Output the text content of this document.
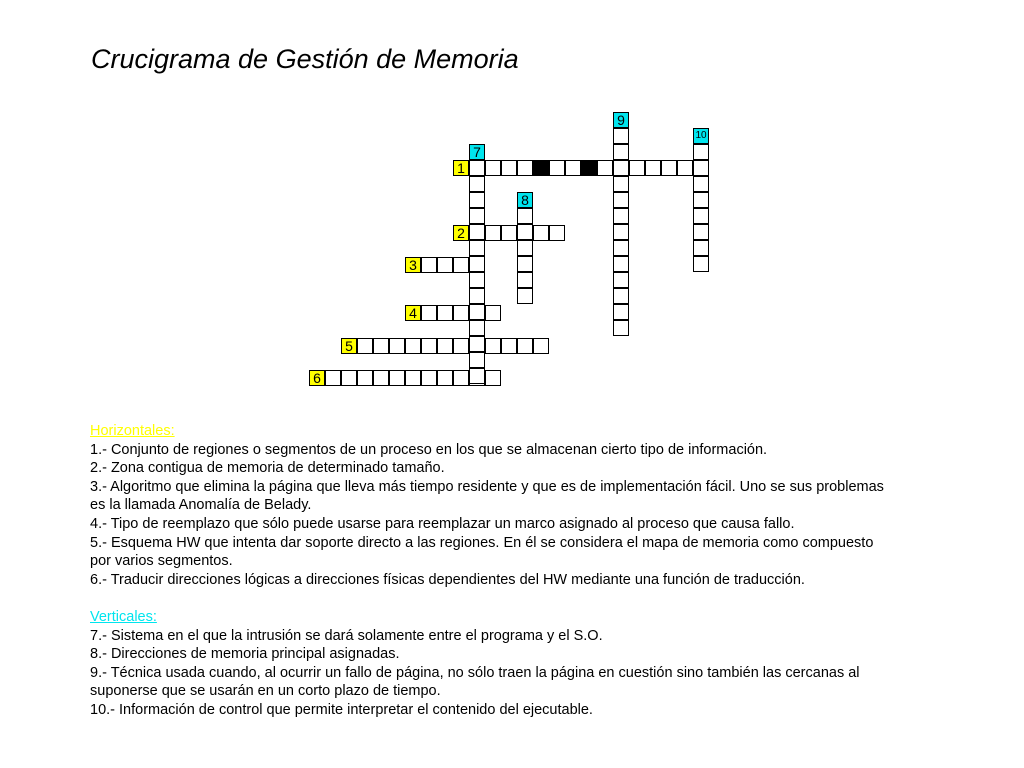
Crucigrama de Gestión de Memoria
1
2
3
4
5
6
7
8
9
10
Horizontales:
1.- Conjunto de regiones o segmentos de un proceso en los que se almacenan cierto tipo de información.
2.- Zona contigua de memoria de determinado tamaño.
3.- Algoritmo que elimina la página que lleva más tiempo residente y que es de implementación fácil. Uno se sus problemas es la llamada Anomalía de Belady.
4.- Tipo de reemplazo que sólo puede usarse para reemplazar un marco asignado al proceso que causa fallo.
5.- Esquema HW que intenta dar soporte directo a las regiones. En él se considera el mapa de memoria como compuesto por varios segmentos.
6.- Traducir direcciones lógicas a direcciones físicas dependientes del HW mediante una función de traducción.
Verticales:
7.- Sistema en el que la intrusión se dará solamente entre el programa y el S.O.
8.- Direcciones de memoria principal asignadas.
9.- Técnica usada cuando, al ocurrir un fallo de página, no sólo traen la página en cuestión sino también las cercanas al suponerse que se usarán en un corto plazo de tiempo.
10.- Información de control que permite interpretar el contenido del ejecutable.
